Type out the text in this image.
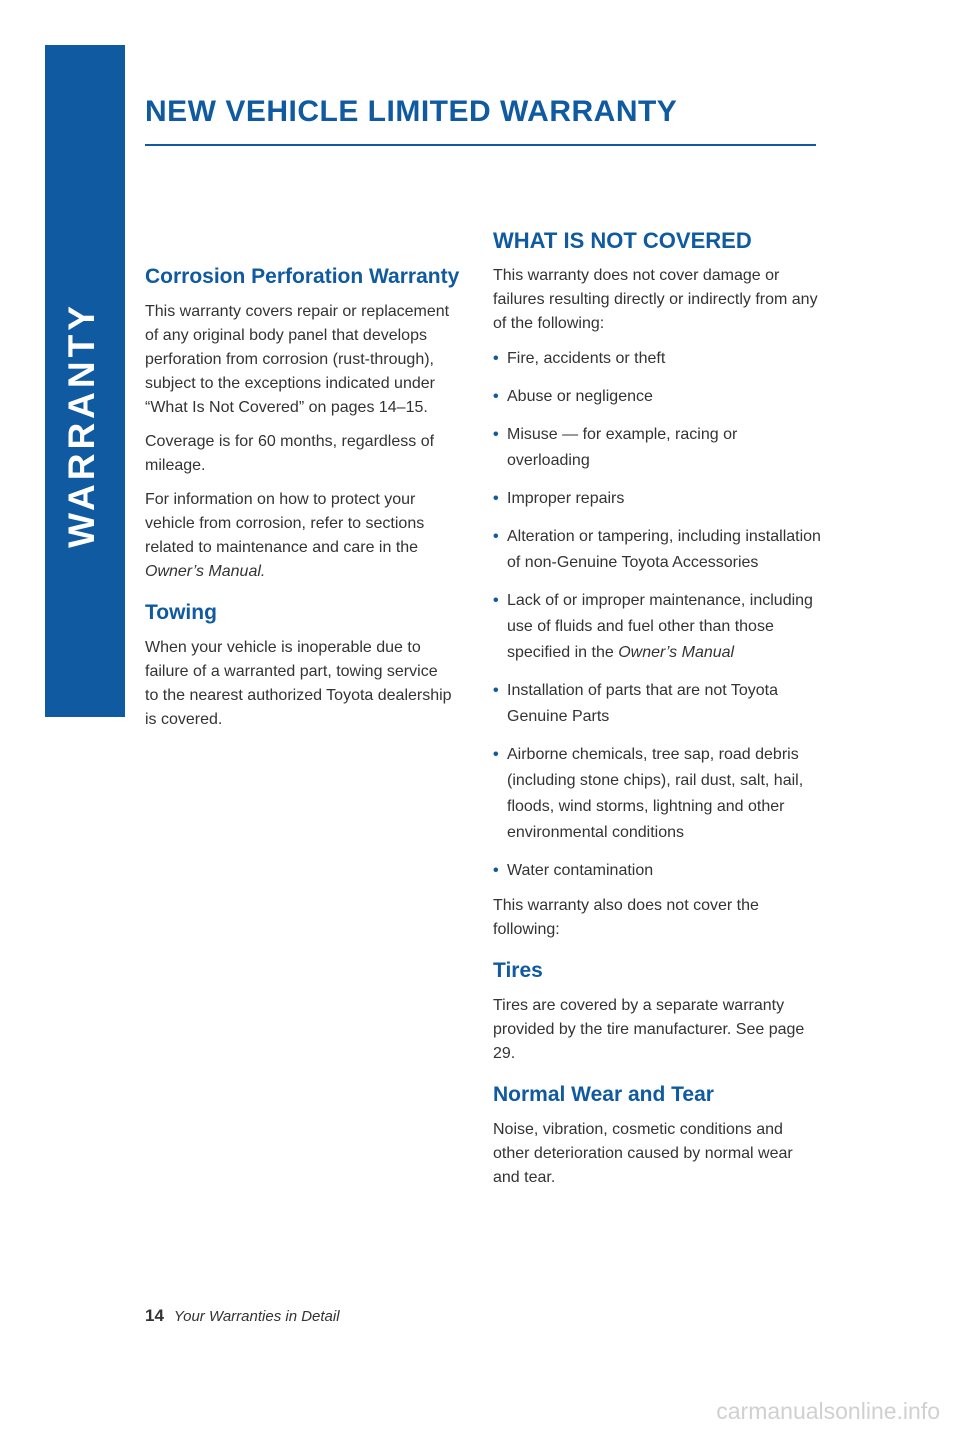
WARRANTY
NEW VEHICLE LIMITED WARRANTY
Corrosion Perforation Warranty

This warranty covers repair or replacement of any original body panel that develops perforation from corrosion (rust-through), subject to the exceptions indicated under “What Is Not Covered” on pages 14–15.

Coverage is for 60 months, regardless of mileage.

For information on how to protect your vehicle from corrosion, refer to sections related to maintenance and care in the Owner’s Manual.

Towing

When your vehicle is inoperable due to failure of a warranted part, towing service to the nearest authorized Toyota dealership is covered.

WHAT IS NOT COVERED

This warranty does not cover damage or failures resulting directly or indirectly from any of the following:

• Fire, accidents or theft
• Abuse or negligence
• Misuse — for example, racing or overloading
• Improper repairs
• Alteration or tampering, including installation of non-Genuine Toyota Accessories
• Lack of or improper maintenance, including use of fluids and fuel other than those specified in the Owner’s Manual
• Installation of parts that are not Toyota Genuine Parts
• Airborne chemicals, tree sap, road debris (including stone chips), rail dust, salt, hail, floods, wind storms, lightning and other environmental conditions
• Water contamination

This warranty also does not cover the following:

Tires

Tires are covered by a separate warranty provided by the tire manufacturer. See page 29.

Normal Wear and Tear

Noise, vibration, cosmetic conditions and other deterioration caused by normal wear and tear.

14 Your Warranties in Detail
carmanualsonline.info
